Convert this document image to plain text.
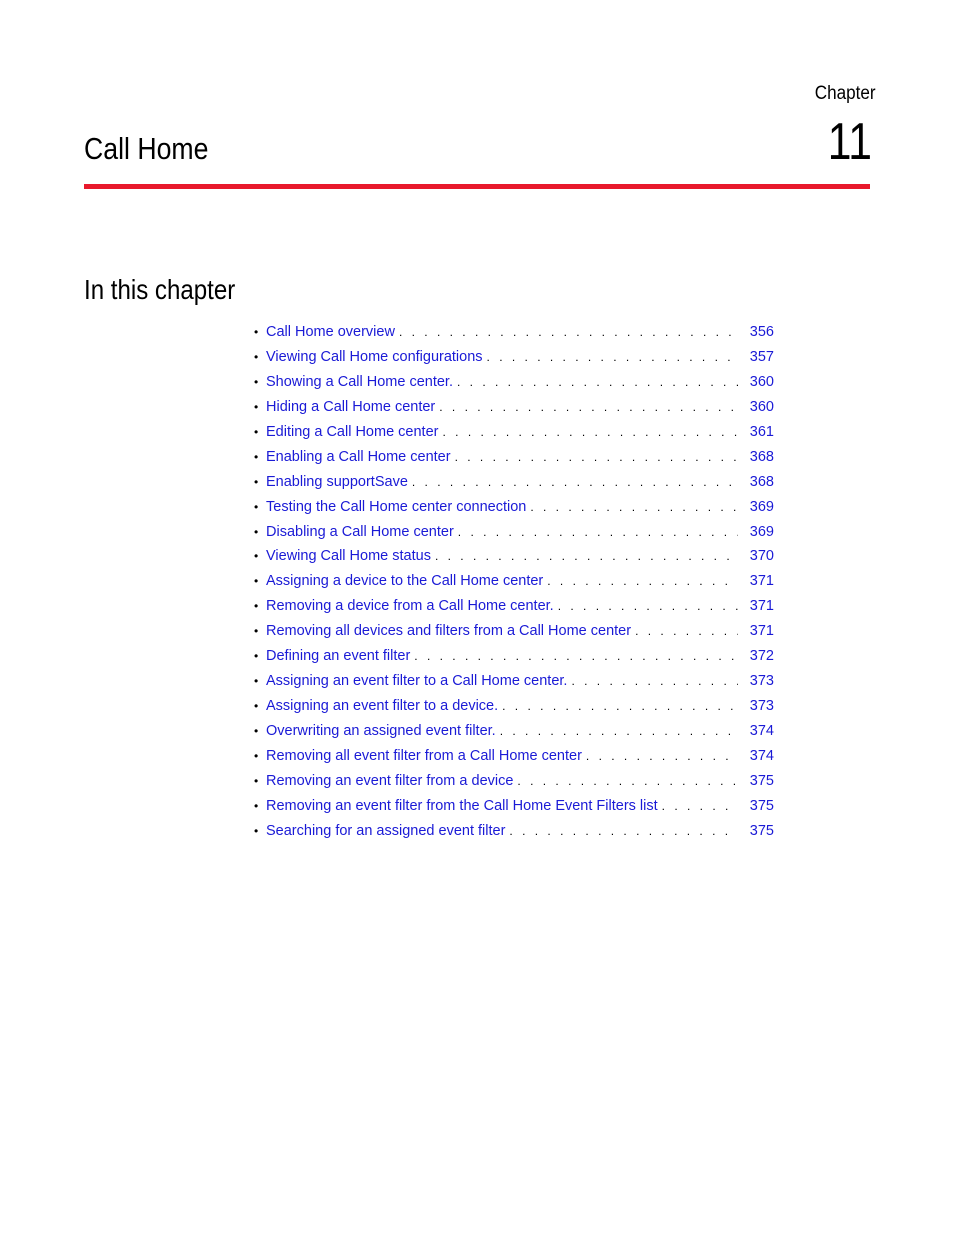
Chapter
11
Call Home
In this chapter
• Call Home overview . . .	356
• Viewing Call Home configurations . . .	357
• Showing a Call Home center. . . .	360
• Hiding a Call Home center . . .	360
• Editing a Call Home center . . .	361
• Enabling a Call Home center . . .	368
• Enabling supportSave . . .	368
• Testing the Call Home center connection . . .	369
• Disabling a Call Home center . . .	369
• Viewing Call Home status . . .	370
• Assigning a device to the Call Home center . . .	371
• Removing a device from a Call Home center. . . .	371
• Removing all devices and filters from a Call Home center . . .	371
• Defining an event filter . . .	372
• Assigning an event filter to a Call Home center. . . .	373
• Assigning an event filter to a device. . . .	373
• Overwriting an assigned event filter. . . .	374
• Removing all event filter from a Call Home center . . .	374
• Removing an event filter from a device . . .	375
• Removing an event filter from the Call Home Event Filters list . . .	375
• Searching for an assigned event filter . . .	375
